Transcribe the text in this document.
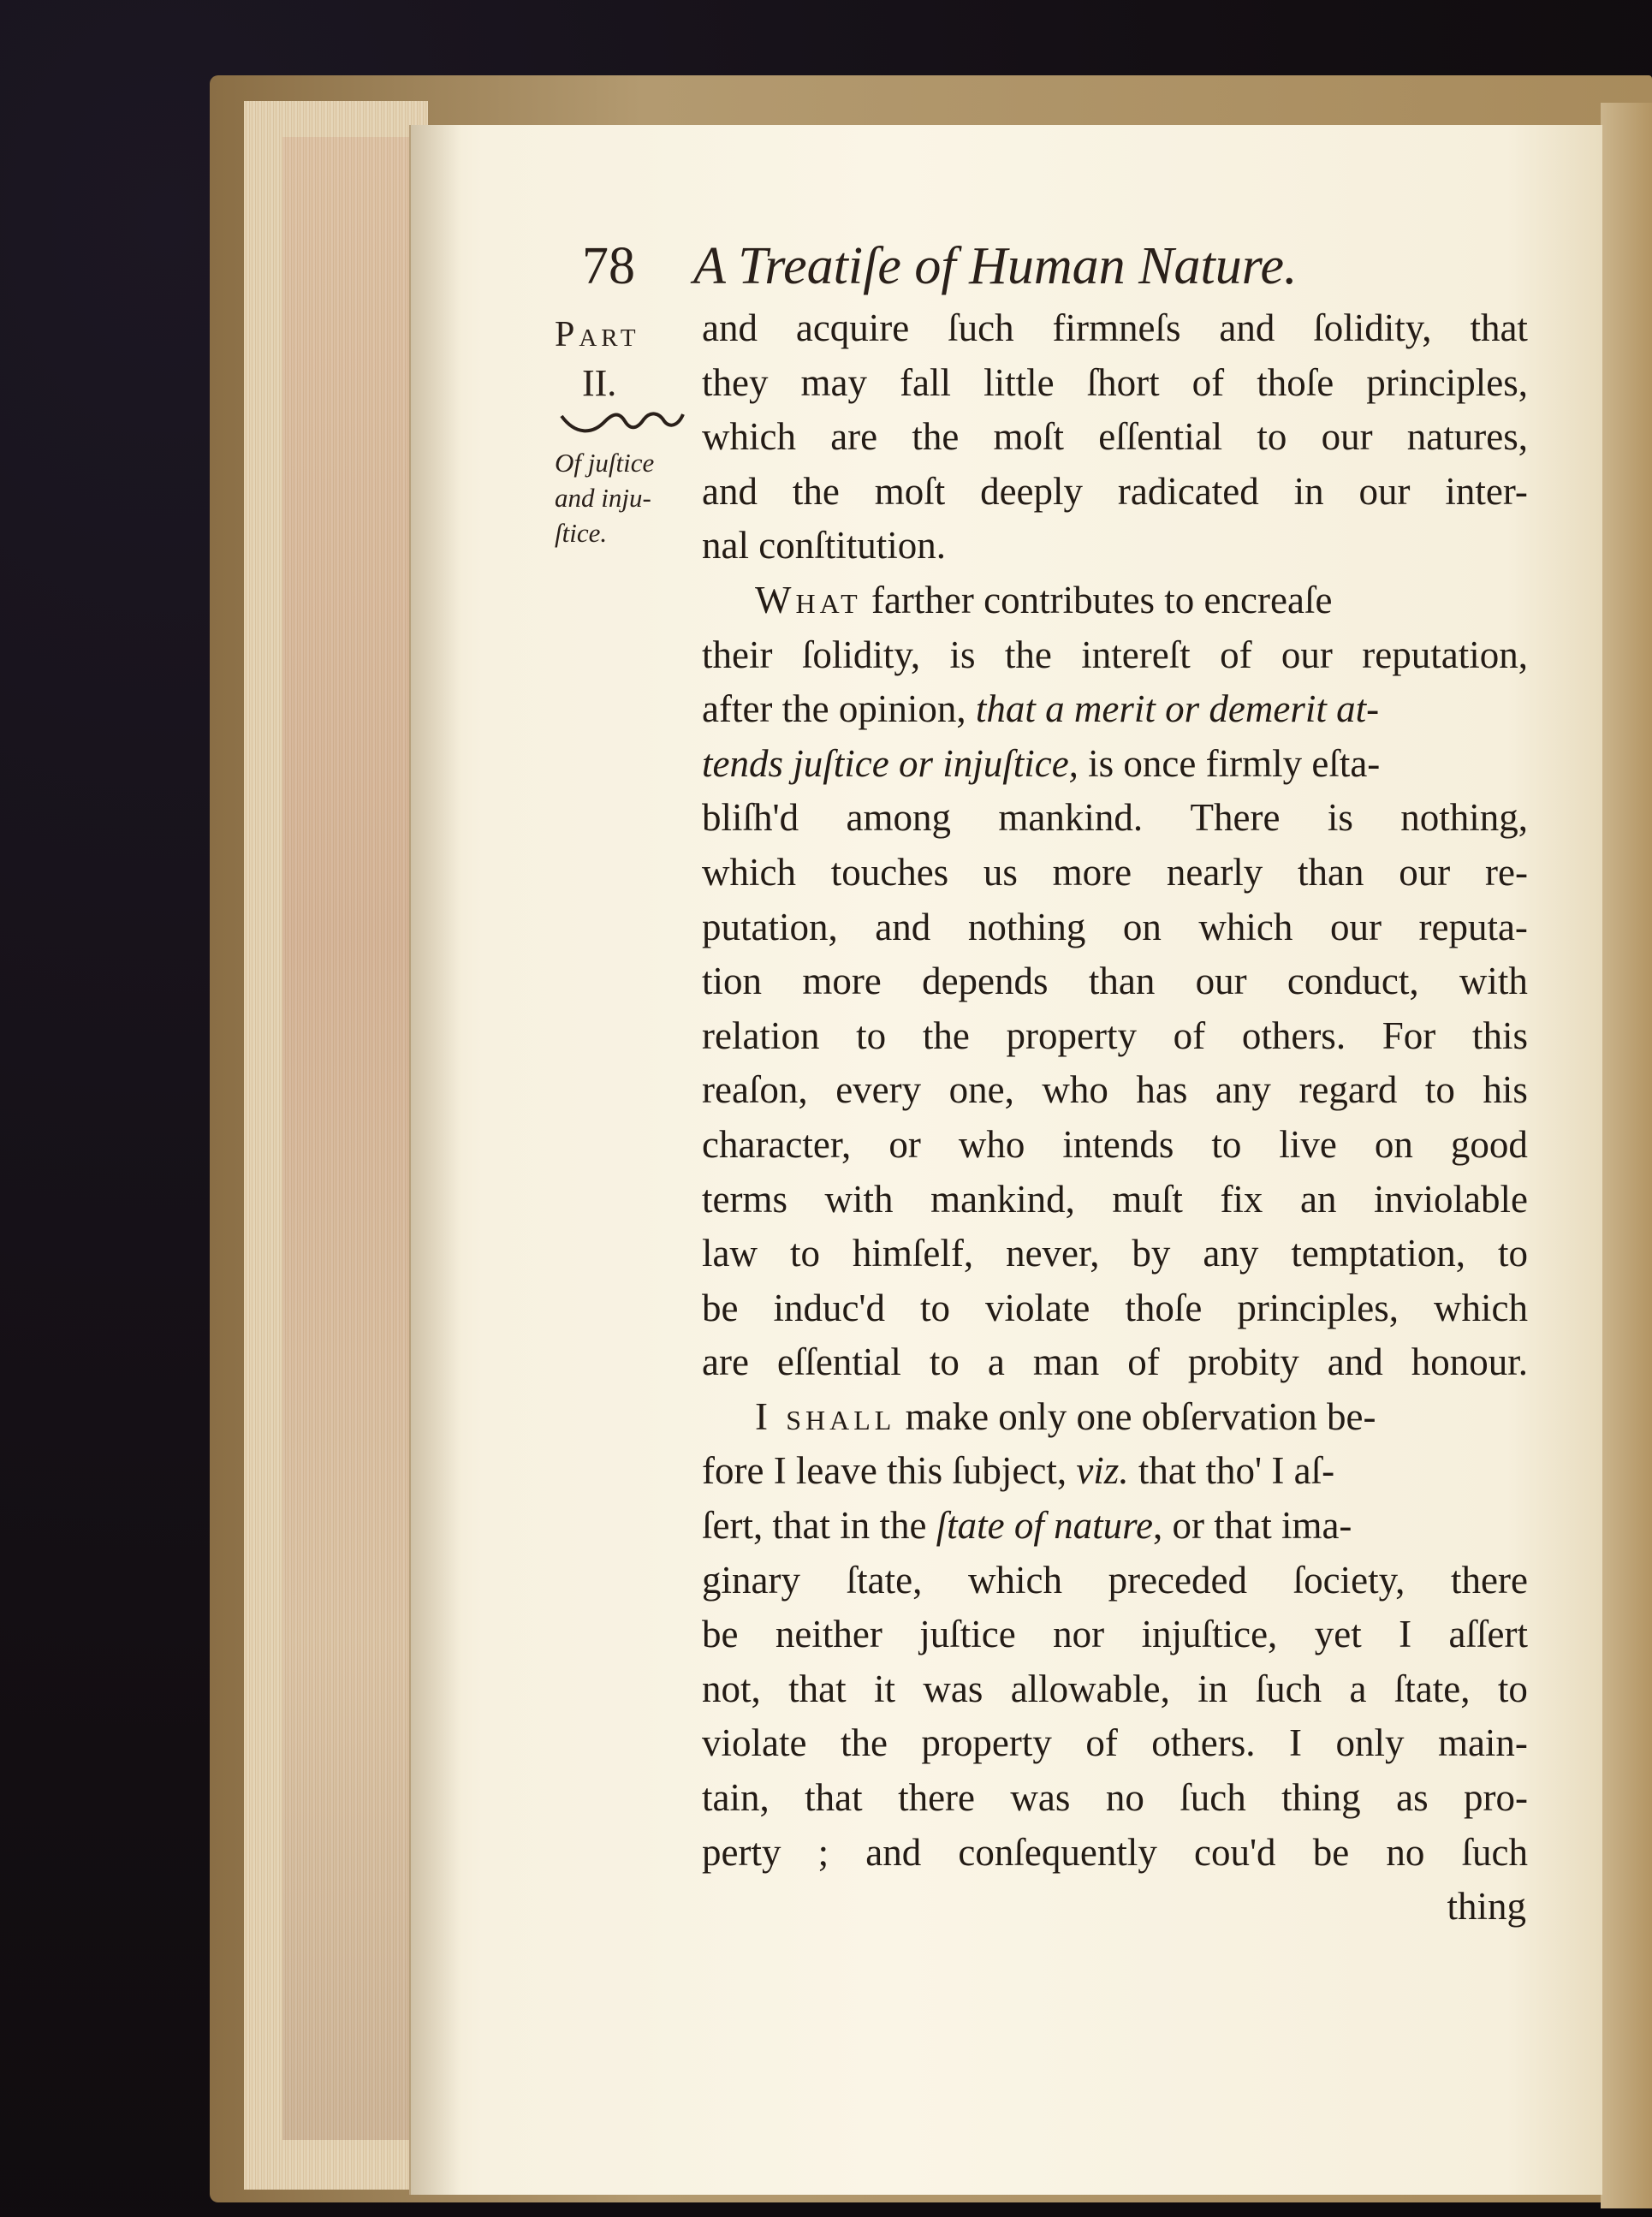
78 A Treatiſe of Human Nature.
Part
II.
Of juſtice
and inju-
ſtice.
and acquire ſuch firmneſs and ſolidity, that
they may fall little ſhort of thoſe principles,
which are the moſt eſſential to our natures,
and the moſt deeply radicated in our inter-
nal conſtitution.
What farther contributes to encreaſe
their ſolidity, is the intereſt of our reputation,
after the opinion, that a merit or demerit at-
tends juſtice or injuſtice, is once firmly eſta-
bliſh'd among mankind. There is nothing,
which touches us more nearly than our re-
putation, and nothing on which our reputa-
tion more depends than our conduct, with
relation to the property of others. For this
reaſon, every one, who has any regard to his
character, or who intends to live on good
terms with mankind, muſt fix an inviolable
law to himſelf, never, by any temptation, to
be induc'd to violate thoſe principles, which
are eſſential to a man of probity and honour.
I shall make only one obſervation be-
fore I leave this ſubject, viz. that tho' I aſ-
ſert, that in the ſtate of nature, or that ima-
ginary ſtate, which preceded ſociety, there
be neither juſtice nor injuſtice, yet I aſſert
not, that it was allowable, in ſuch a ſtate, to
violate the property of others. I only main-
tain, that there was no ſuch thing as pro-
perty ; and conſequently cou'd be no ſuch
thing
